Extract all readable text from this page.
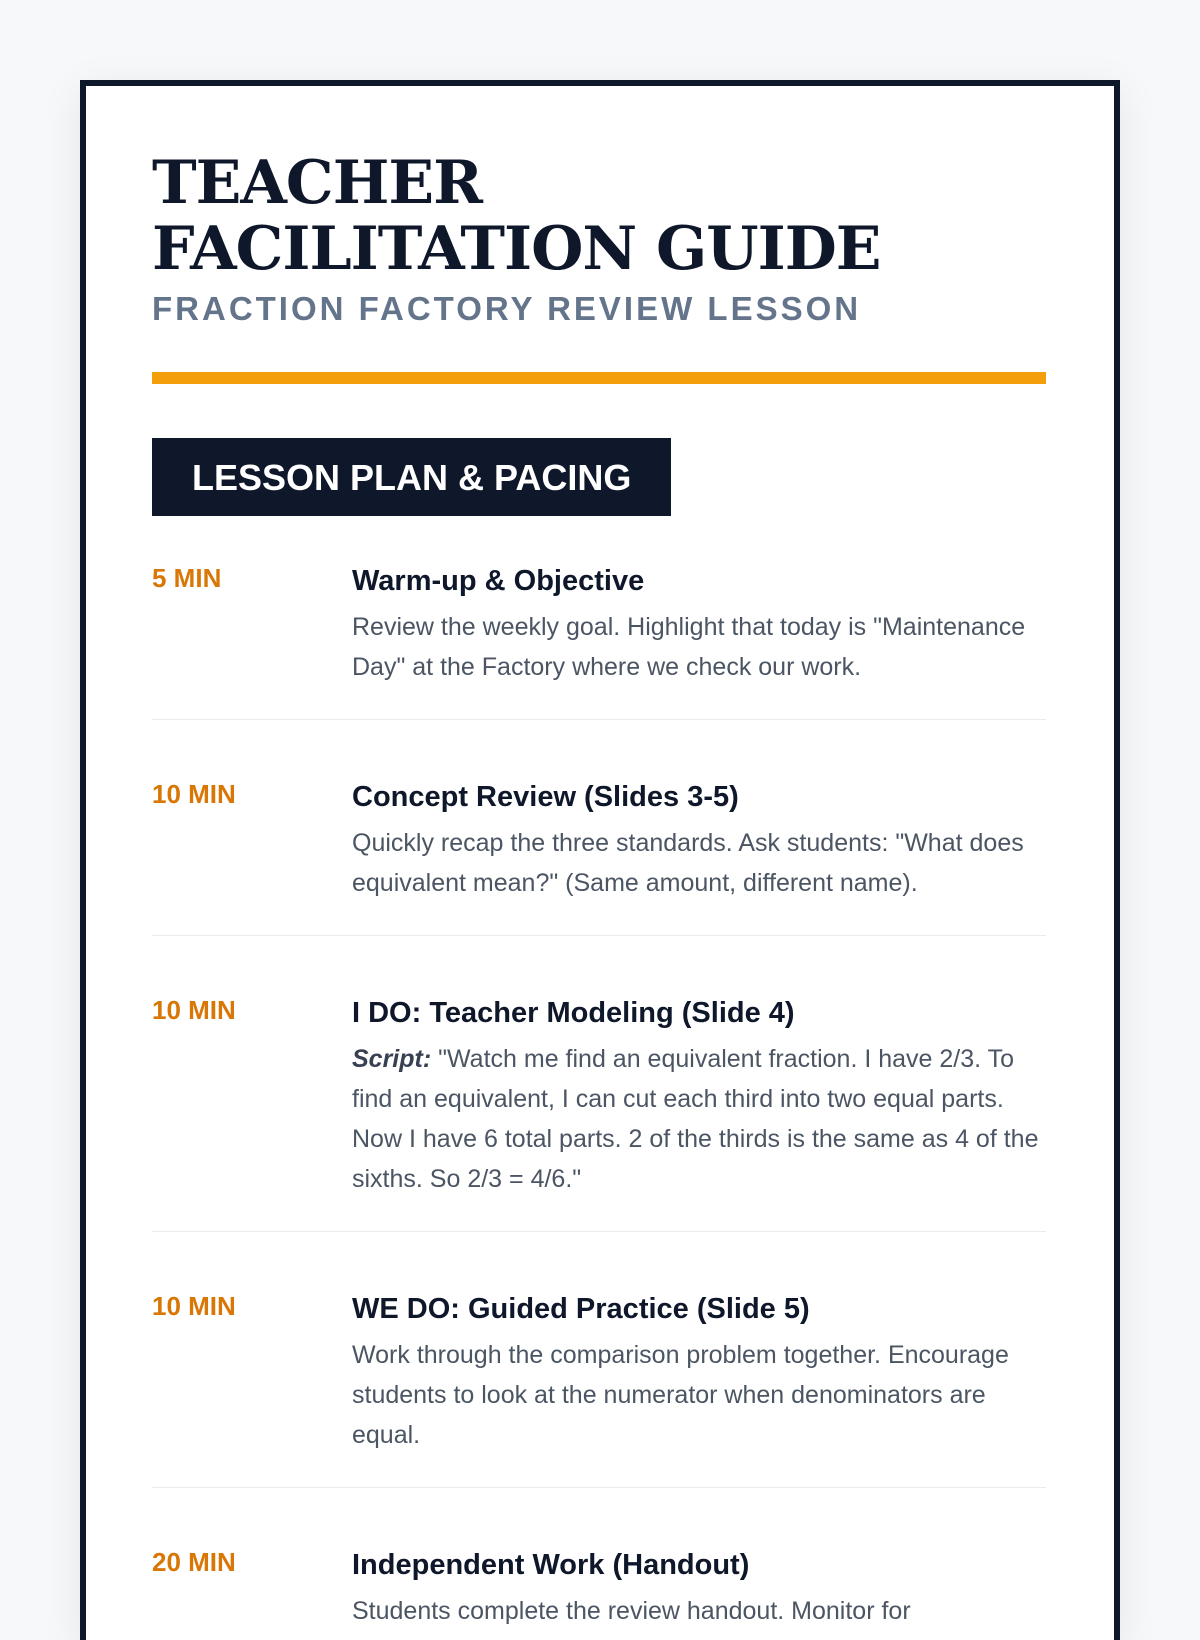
TEACHER FACILITATION GUIDE
FRACTION FACTORY REVIEW LESSON
LESSON PLAN & PACING
5 MIN	Warm-up & Objective
Review the weekly goal. Highlight that today is "Maintenance Day" at the Factory where we check our work.
10 MIN	Concept Review (Slides 3-5)
Quickly recap the three standards. Ask students: "What does equivalent mean?" (Same amount, different name).
10 MIN	I DO: Teacher Modeling (Slide 4)
Script: "Watch me find an equivalent fraction. I have 2/3. To find an equivalent, I can cut each third into two equal parts. Now I have 6 total parts. 2 of the thirds is the same as 4 of the sixths. So 2/3 = 4/6."
10 MIN	WE DO: Guided Practice (Slide 5)
Work through the comparison problem together. Encourage students to look at the numerator when denominators are equal.
20 MIN	Independent Work (Handout)
Students complete the review handout. Monitor for
